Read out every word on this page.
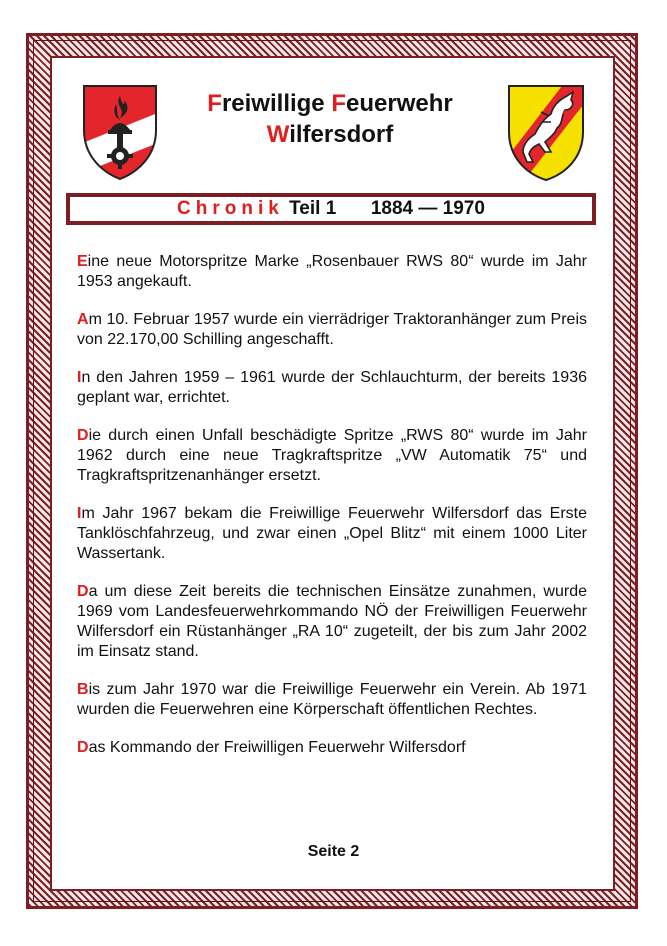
Freiwillige Feuerwehr
Wilfersdorf
Chronik Teil 1 1884 — 1970

Eine neue Motorspritze Marke „Rosenbauer RWS 80“ wurde im Jahr 1953 angekauft.

Am 10. Februar 1957 wurde ein vierrädriger Traktoranhänger zum Preis von 22.170,00 Schilling angeschafft.

In den Jahren 1959 – 1961 wurde der Schlauchturm, der bereits 1936 geplant war, errichtet.

Die durch einen Unfall beschädigte Spritze „RWS 80“ wurde im Jahr 1962 durch eine neue Tragkraftspritze „VW Automatik 75“ und Tragkraftspritzenanhänger ersetzt.

Im Jahr 1967 bekam die Freiwillige Feuerwehr Wilfersdorf das Erste Tanklöschfahrzeug, und zwar einen „Opel Blitz“ mit einem 1000 Liter Wassertank.

Da um diese Zeit bereits die technischen Einsätze zunahmen, wurde 1969 vom Landesfeuerwehrkommando NÖ der Freiwilligen Feuerwehr Wilfersdorf ein Rüstanhänger „RA 10“ zugeteilt, der bis zum Jahr 2002 im Einsatz stand.

Bis zum Jahr 1970 war die Freiwillige Feuerwehr ein Verein. Ab 1971 wurden die Feuerwehren eine Körperschaft öffentlichen Rechtes.

Das Kommando der Freiwilligen Feuerwehr Wilfersdorf

Seite 2
